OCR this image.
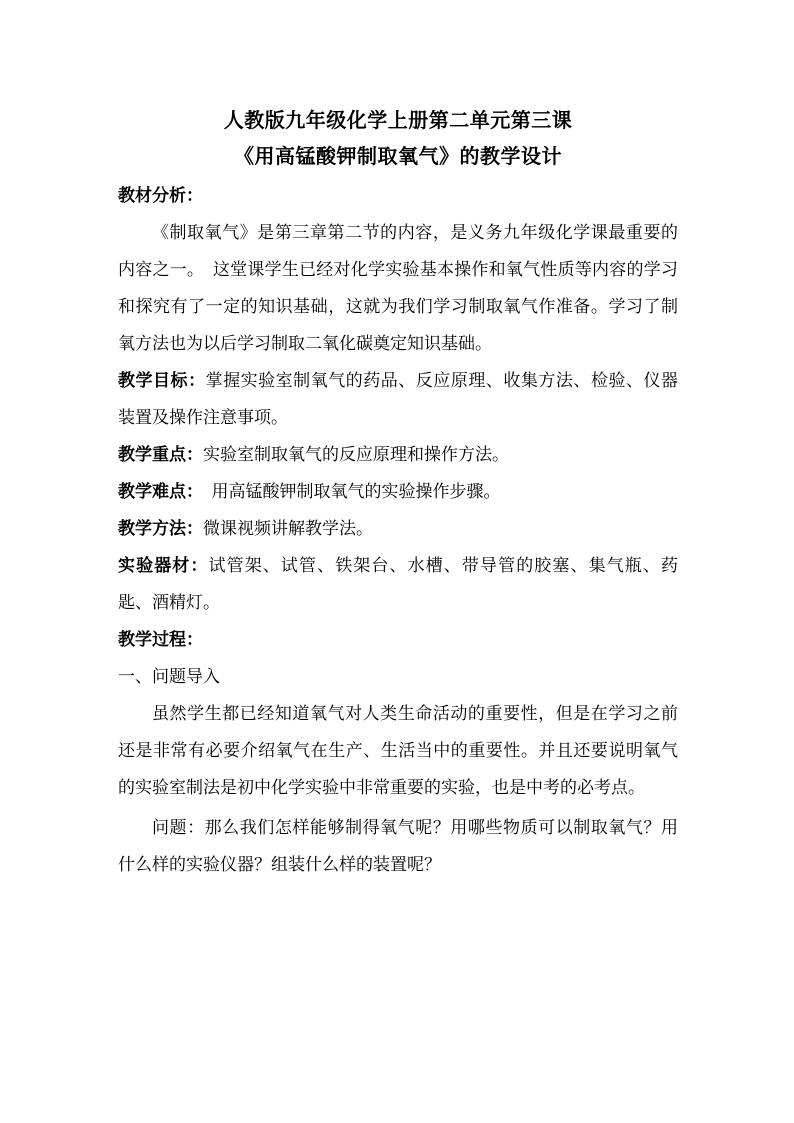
人教版九年级化学上册第二单元第三课

《用高锰酸钾制取氧气》的教学设计

教材分析：

《制取氧气》是第三章第二节的内容，是义务九年级化学课最重要的内容之一。　这堂课学生已经对化学实验基本操作和氧气性质等内容的学习和探究有了一定的知识基础，这就为我们学习制取氧气作准备。学习了制氧方法也为以后学习制取二氧化碳奠定知识基础。

教学目标：掌握实验室制氧气的药品、反应原理、收集方法、检验、仪器装置及操作注意事项。

教学重点：实验室制取氧气的反应原理和操作方法。

教学难点：　用高锰酸钾制取氧气的实验操作步骤。

教学方法：微课视频讲解教学法。

实验器材：试管架、试管、铁架台、水槽、带导管的胶塞、集气瓶、药匙、酒精灯。

教学过程：

一、问题导入

虽然学生都已经知道氧气对人类生命活动的重要性，但是在学习之前还是非常有必要介绍氧气在生产、生活当中的重要性。并且还要说明氧气的实验室制法是初中化学实验中非常重要的实验，也是中考的必考点。

问题：那么我们怎样能够制得氧气呢？用哪些物质可以制取氧气？用什么样的实验仪器？组装什么样的装置呢？
